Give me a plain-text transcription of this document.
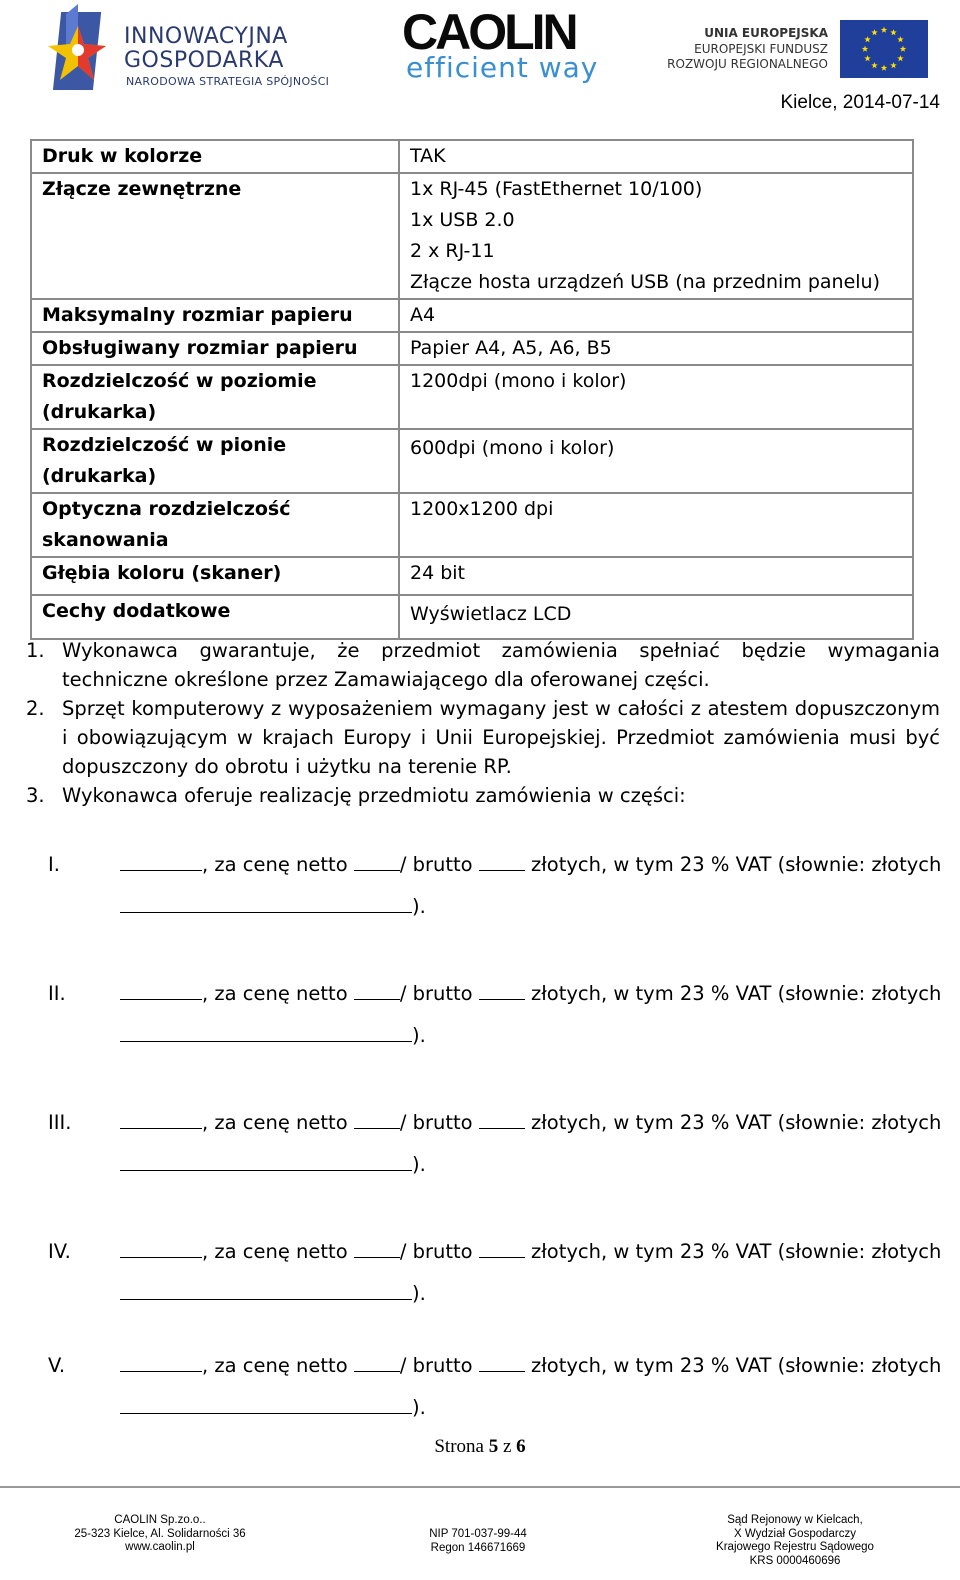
INNOWACYJNA
GOSPODARKA
NARODOWA STRATEGIA SPÓJNOŚCI
CAOLIN
efficient way
UNIA EUROPEJSKA
EUROPEJSKI FUNDUSZ
ROZWOJU REGIONALNEGO
Kielce, 2014-07-14
Druk w kolorze	TAK

Złącze zewnętrzne	1x RJ-45 (FastEthernet 10/100)
1x USB 2.0
2 x RJ-11
Złącze hosta urządzeń USB (na przednim panelu)

Maksymalny rozmiar papieru	A4

Obsługiwany rozmiar papieru	Papier A4, A5, A6, B5

Rozdzielczość w poziomie (drukarka)	1200dpi (mono i kolor)

Rozdzielczość w pionie (drukarka)	600dpi (mono i kolor)

Optyczna rozdzielczość skanowania	1200x1200 dpi

Głębia koloru (skaner)	24 bit

Cechy dodatkowe	Wyświetlacz LCD
1. Wykonawca gwarantuje, że przedmiot zamówienia spełniać będzie wymagania techniczne określone przez Zamawiającego dla oferowanej części.
2. Sprzęt komputerowy z wyposażeniem wymagany jest w całości z atestem dopuszczonym i obowiązującym w krajach Europy i Unii Europejskiej. Przedmiot zamówienia musi być dopuszczony do obrotu i użytku na terenie RP.
3. Wykonawca oferuje realizację przedmiotu zamówienia w części:
I.	, za cenę netto / brutto  złotych, w tym 23 % VAT (słownie: złotych
).
II.	, za cenę netto / brutto  złotych, w tym 23 % VAT (słownie: złotych
).
III.	, za cenę netto / brutto  złotych, w tym 23 % VAT (słownie: złotych
).
IV.	, za cenę netto / brutto  złotych, w tym 23 % VAT (słownie: złotych
).
V.	, za cenę netto / brutto  złotych, w tym 23 % VAT (słownie: złotych
).
Strona 5 z 6
CAOLIN Sp.zo.o..
25-323 Kielce, Al. Solidarności 36
www.caolin.pl
NIP 701-037-99-44
Regon 146671669
Sąd Rejonowy w Kielcach,
X Wydział Gospodarczy
Krajowego Rejestru Sądowego
KRS 0000460696
